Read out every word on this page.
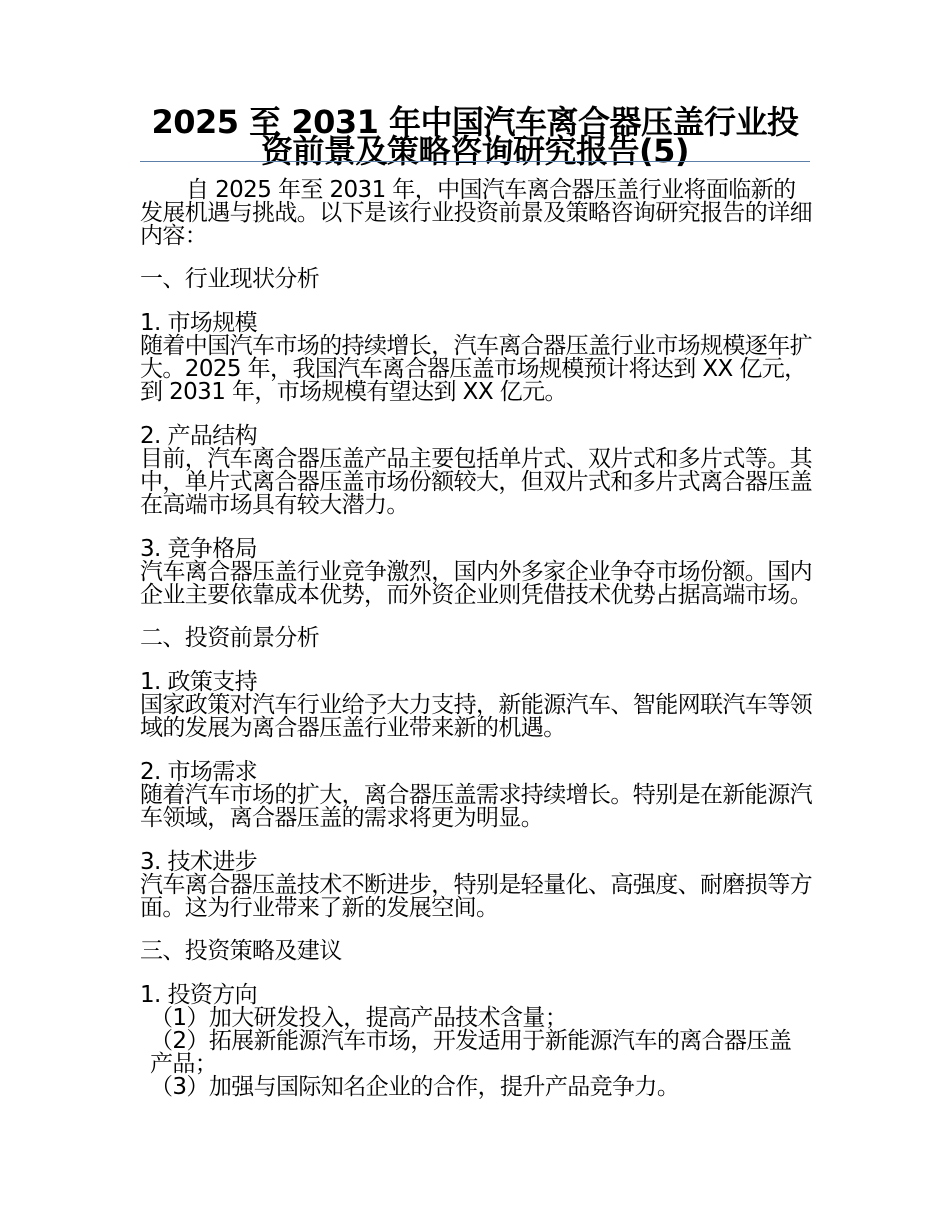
2025 至 2031 年中国汽车离合器压盖行业投资前景及策略咨询研究报告(5)

自 2025 年至 2031 年，中国汽车离合器压盖行业将面临新的发展机遇与挑战。以下是该行业投资前景及策略咨询研究报告的详细内容：

一、行业现状分析

1. 市场规模

随着中国汽车市场的持续增长，汽车离合器压盖行业市场规模逐年扩大。2025 年，我国汽车离合器压盖市场规模预计将达到 XX 亿元，到 2031 年，市场规模有望达到 XX 亿元。

2. 产品结构

目前，汽车离合器压盖产品主要包括单片式、双片式和多片式等。其中，单片式离合器压盖市场份额较大，但双片式和多片式离合器压盖在高端市场具有较大潜力。

3. 竞争格局

汽车离合器压盖行业竞争激烈，国内外多家企业争夺市场份额。国内企业主要依靠成本优势，而外资企业则凭借技术优势占据高端市场。

二、投资前景分析

1. 政策支持

国家政策对汽车行业给予大力支持，新能源汽车、智能网联汽车等领域的发展为离合器压盖行业带来新的机遇。

2. 市场需求

随着汽车市场的扩大，离合器压盖需求持续增长。特别是在新能源汽车领域，离合器压盖的需求将更为明显。

3. 技术进步

汽车离合器压盖技术不断进步，特别是轻量化、高强度、耐磨损等方面。这为行业带来了新的发展空间。

三、投资策略及建议

1. 投资方向

（1）加大研发投入，提高产品技术含量；

（2）拓展新能源汽车市场，开发适用于新能源汽车的离合器压盖产品；

（3）加强与国际知名企业的合作，提升产品竞争力。
